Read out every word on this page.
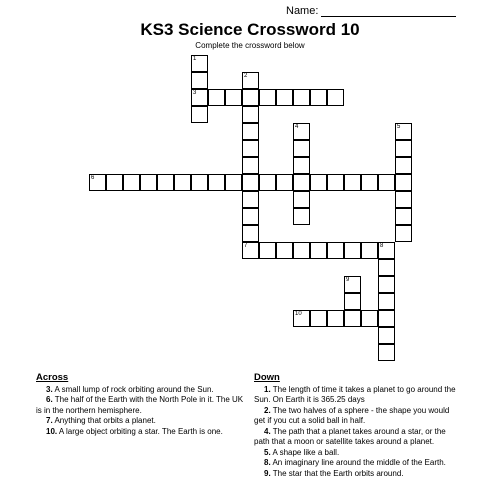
Name:
KS3 Science Crossword 10
Complete the crossword below
1
3
2
7
4	5
6
8
9
10
Across
3. A small lump of rock orbiting around the Sun.
6. The half of the Earth with the North Pole in it. The UK is in the northern hemisphere.
7. Anything that orbits a planet.
10. A large object orbiting a star. The Earth is one.
Down
1. The length of time it takes a planet to go around the Sun. On Earth it is 365.25 days
2. The two halves of a sphere - the shape you would get if you cut a solid ball in half.
4. The path that a planet takes around a star, or the path that a moon or satellite takes around a planet.
5. A shape like a ball.
8. An imaginary line around the middle of the Earth.
9. The star that the Earth orbits around.
